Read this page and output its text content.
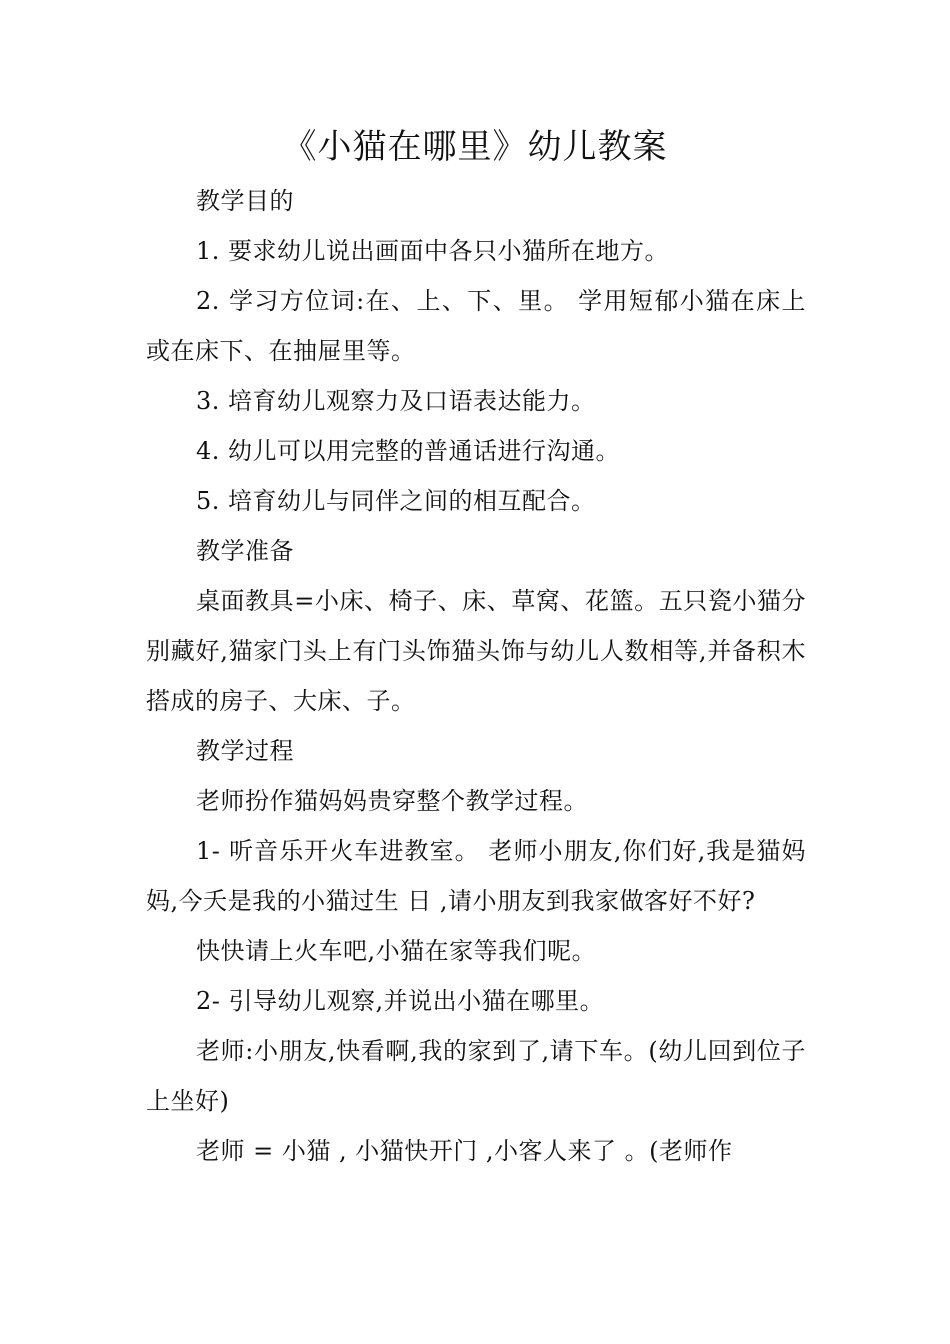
《小猫在哪里》幼儿教案

教学目的

1. 要求幼儿说出画面中各只小猫所在地方。

2. 学习方位词:在、上、下、里。 学用短郁小猫在床上或在床下、在抽屉里等。

3. 培育幼儿观察力及口语表达能力。

4. 幼儿可以用完整的普通话进行沟通。

5. 培育幼儿与同伴之间的相互配合。

教学准备

桌面教具=小床、椅子、床、草窝、花篮。五只瓷小猫分别藏好,猫家门头上有门头饰猫头饰与幼儿人数相等,并备积木搭成的房子、大床、子。

教学过程

老师扮作猫妈妈贵穿整个教学过程。

1- 听音乐开火车进教室。 老师小朋友,你们好,我是猫妈妈,今夭是我的小猫过生 日 ,请小朋友到我家做客好不好?

快快请上火车吧,小猫在家等我们呢。

2- 引导幼儿观察,并说出小猫在哪里。

老师:小朋友,快看啊,我的家到了,请下车。(幼儿回到位子上坐好)

老师 = 小猫 , 小猫快开门 ,小客人来了 。(老师作
